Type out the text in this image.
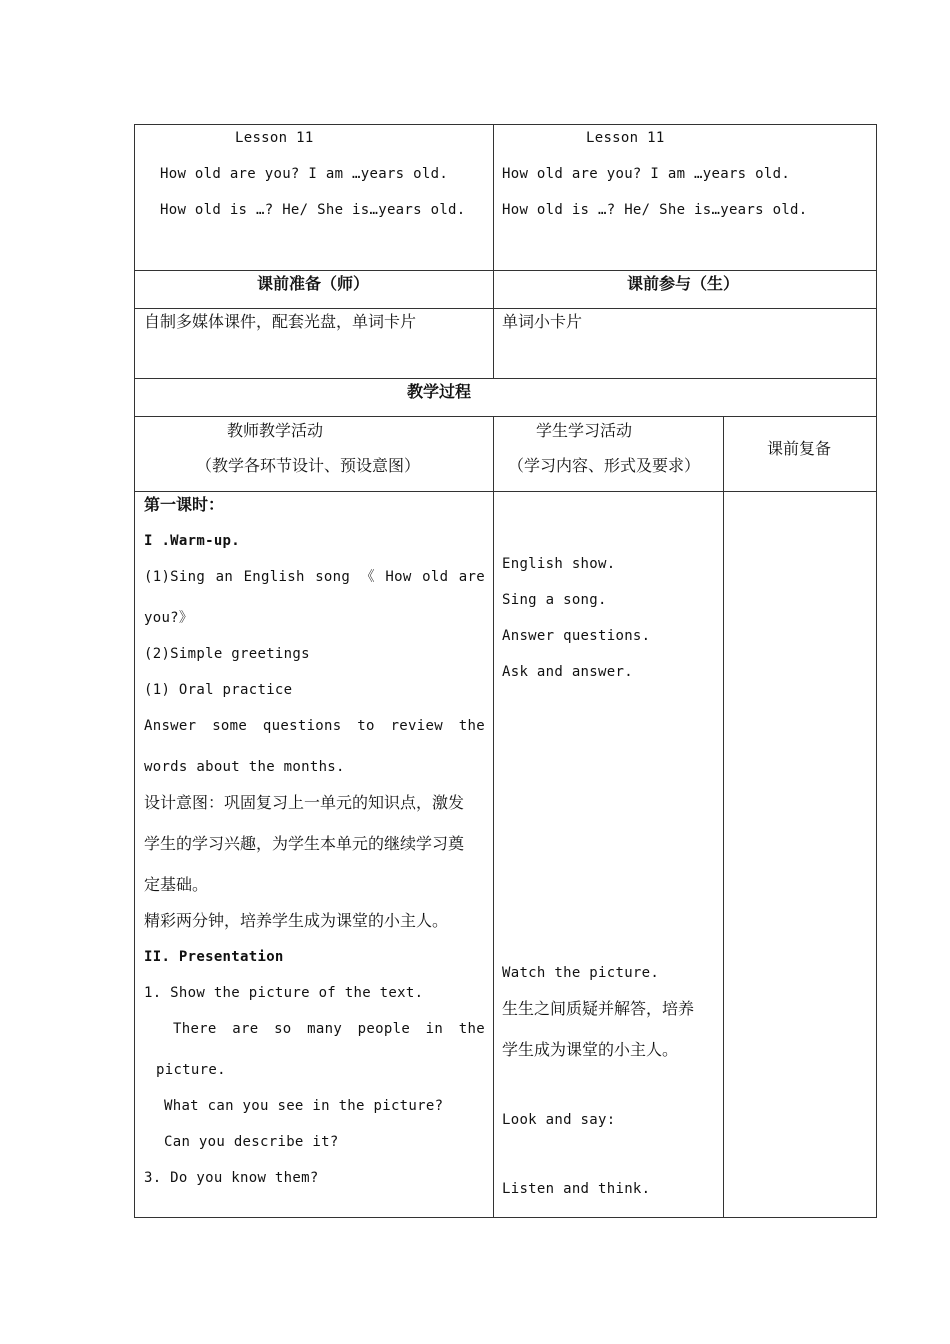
Lesson 11
How old are you? I am …years old.
How old is …? He/ She is…years old.
Lesson 11
How old are you? I am …years old.
How old is …? He/ She is…years old.
课前准备（师）	课前参与（生）
自制多媒体课件，配套光盘，单词卡片	单词小卡片
教学过程
教师教学活动
（教学各环节设计、预设意图）
学生学习活动
（学习内容、形式及要求）
课前复备
第一课时：
I .Warm-up.
(1)Sing an English song 《 How old are
you?》
(2)Simple greetings
(1) Oral practice
Answer some questions to review the
words about the months.
设计意图：巩固复习上一单元的知识点，激发
学生的学习兴趣，为学生本单元的继续学习奠
定基础。
精彩两分钟，培养学生成为课堂的小主人。
II. Presentation
1. Show the picture of the text.
There are so many people in the
picture.
What can you see in the picture?
Can you describe it?
3. Do you know them?
English show.
Sing a song.
Answer questions.
Ask and answer.
Watch the picture.
生生之间质疑并解答，培养
学生成为课堂的小主人。
Look and say:
Listen and think.
